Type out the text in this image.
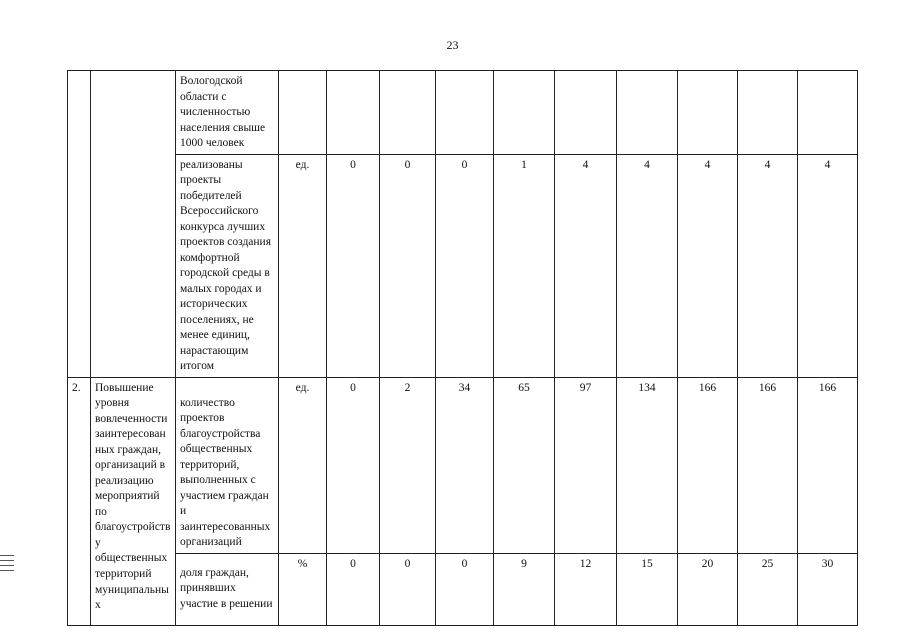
23
		Вологодской области с численностью населения свыше 1000 человек										
		реализованы проекты победителей Всероссийского конкурса лучших проектов создания комфортной городской среды в малых городах и исторических поселениях, не менее единиц, нарастающим итогом	ед.	0	0	0	1	4	4	4	4	4
2.	Повышение уровня вовлеченности заинтересованных граждан, организаций в реализацию мероприятий по благоустройству общественных территорий муниципальных	количество проектов благоустройства общественных территорий, выполненных с участием граждан и заинтересованных организаций	ед.	0	2	34	65	97	134	166	166	166
		доля граждан, принявших участие в решении	%	0	0	0	9	12	15	20	25	30
